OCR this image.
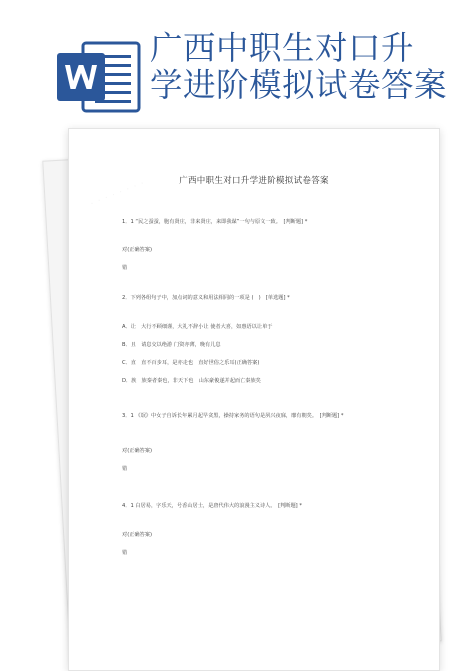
广西中职生对口升
学进阶模拟试卷答案
· · · · · · · ·	广西中职生对口升学进阶模拟试卷答案
1．1 “民之蚕蚕，胞有贤庄，非来贤庄，来即我谋”一句与原文一致。　[判断题] *
对(正确答案)
错
2．下列各组句子中，加点词的意义和用法相同的一项是 (　)　[单选题] *
A．让　大行不顾细谨，大礼不辞小让 使者大喜，如惠语以让单于
B．且　请息交以绝游 门资亦薄，晚有儿息
C．直　直不百步耳，是亦走也　直好世俗之乐耳(正确答案)
D．族　族秦者秦也，非天下也　山东豪俊遂并起而亡秦族矣
3．1 《氓》中女子自诉长年累月起早贪黑，操持家务的语句是夙兴夜寐，靡有朝矣。　[判断题] *
对(正确答案)
错
4．1 白居易，字乐天，号香山居士，是唐代伟大的浪漫主义诗人。　[判断题] *
对(正确答案)
错
